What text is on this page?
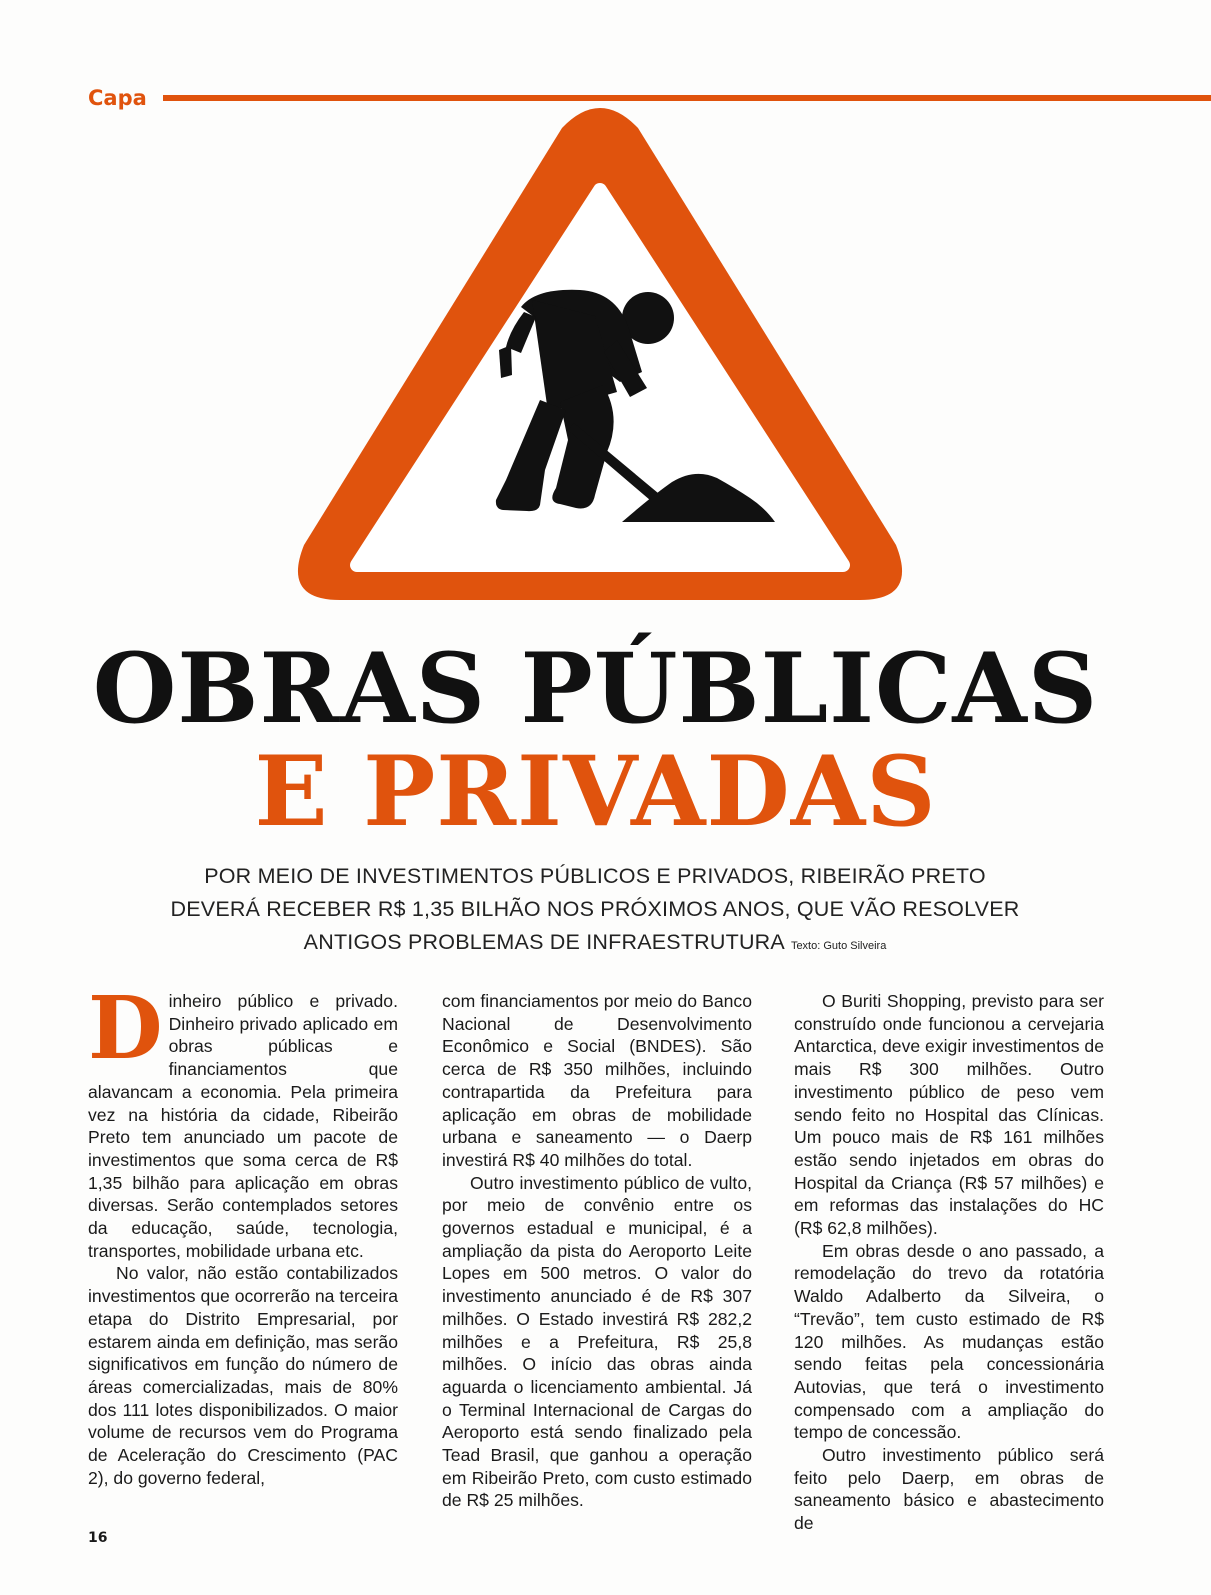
Capa
OBRAS PÚBLICAS
E PRIVADAS
POR MEIO DE INVESTIMENTOS PÚBLICOS E PRIVADOS, RIBEIRÃO PRETO
DEVERÁ RECEBER R$ 1,35 BILHÃO NOS PRÓXIMOS ANOS, QUE VÃO RESOLVER
ANTIGOS PROBLEMAS DE INFRAESTRUTURA Texto: Guto Silveira

Dinheiro público e privado. Dinheiro privado aplicado em obras públicas e financiamentos que alavancam a economia. Pela primeira vez na história da cidade, Ribeirão Preto tem anunciado um pacote de investimentos que soma cerca de R$ 1,35 bilhão para aplicação em obras diversas. Serão contemplados setores da educação, saúde, tecnologia, transportes, mobilidade urbana etc.

No valor, não estão contabilizados investimentos que ocorrerão na terceira etapa do Distrito Empresarial, por estarem ainda em definição, mas serão significativos em função do número de áreas comercializadas, mais de 80% dos 111 lotes disponibilizados. O maior volume de recursos vem do Programa de Aceleração do Crescimento (PAC 2), do governo federal,

com financiamentos por meio do Banco Nacional de Desenvolvimento Econômico e Social (BNDES). São cerca de R$ 350 milhões, incluindo contrapartida da Prefeitura para aplicação em obras de mobilidade urbana e saneamento — o Daerp investirá R$ 40 milhões do total.

Outro investimento público de vulto, por meio de convênio entre os governos estadual e municipal, é a ampliação da pista do Aeroporto Leite Lopes em 500 metros. O valor do investimento anunciado é de R$ 307 milhões. O Estado investirá R$ 282,2 milhões e a Prefeitura, R$ 25,8 milhões. O início das obras ainda aguarda o licenciamento ambiental. Já o Terminal Internacional de Cargas do Aeroporto está sendo finalizado pela Tead Brasil, que ganhou a operação em Ribeirão Preto, com custo estimado de R$ 25 milhões.

O Buriti Shopping, previsto para ser construído onde funcionou a cervejaria Antarctica, deve exigir investimentos de mais R$ 300 milhões. Outro investimento público de peso vem sendo feito no Hospital das Clínicas. Um pouco mais de R$ 161 milhões estão sendo injetados em obras do Hospital da Criança (R$ 57 milhões) e em reformas das instalações do HC (R$ 62,8 milhões).

Em obras desde o ano passado, a remodelação do trevo da rotatória Waldo Adalberto da Silveira, o “Trevão”, tem custo estimado de R$ 120 milhões. As mudanças estão sendo feitas pela concessionária Autovias, que terá o investimento compensado com a ampliação do tempo de concessão.

Outro investimento público será feito pelo Daerp, em obras de saneamento básico e abastecimento de

16
